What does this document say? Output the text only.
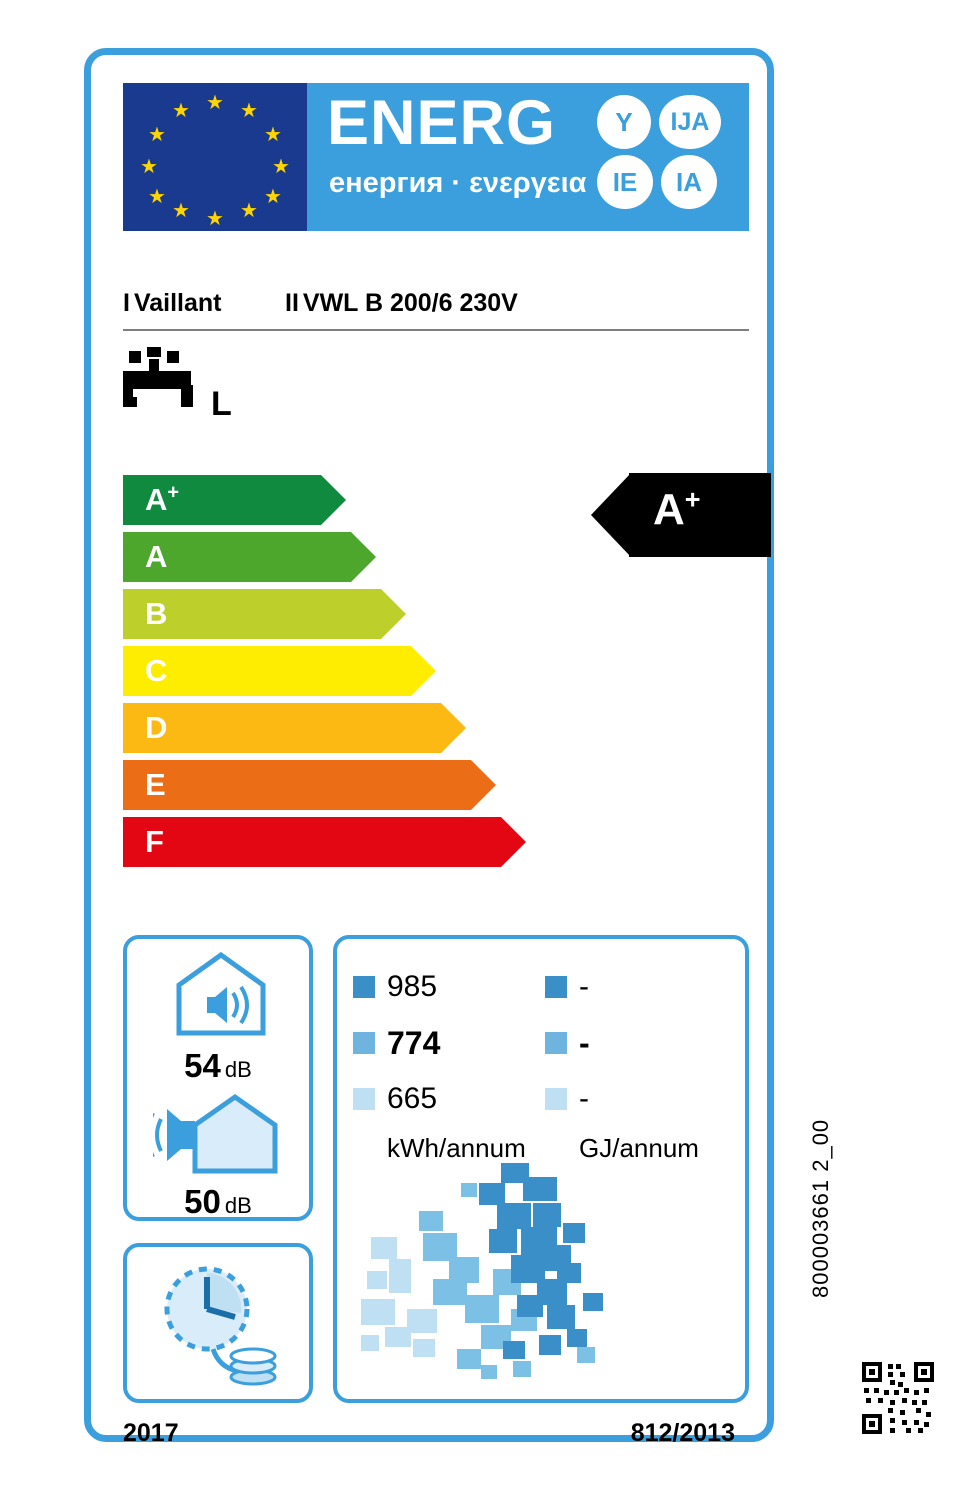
★ ★
★
★
★
★
★
★
★
★
★
★ ENERG
енергия · ενεργεια
Y	IJA
IE	IA
I Vaillant	II VWL B 200/6 230V
L
A+
A
B
C
D
E
F
A+
54 dB
50 dB
985	-
774	-
665	-
kWh/annum	GJ/annum
2017	812/2013
800003661 2_00
